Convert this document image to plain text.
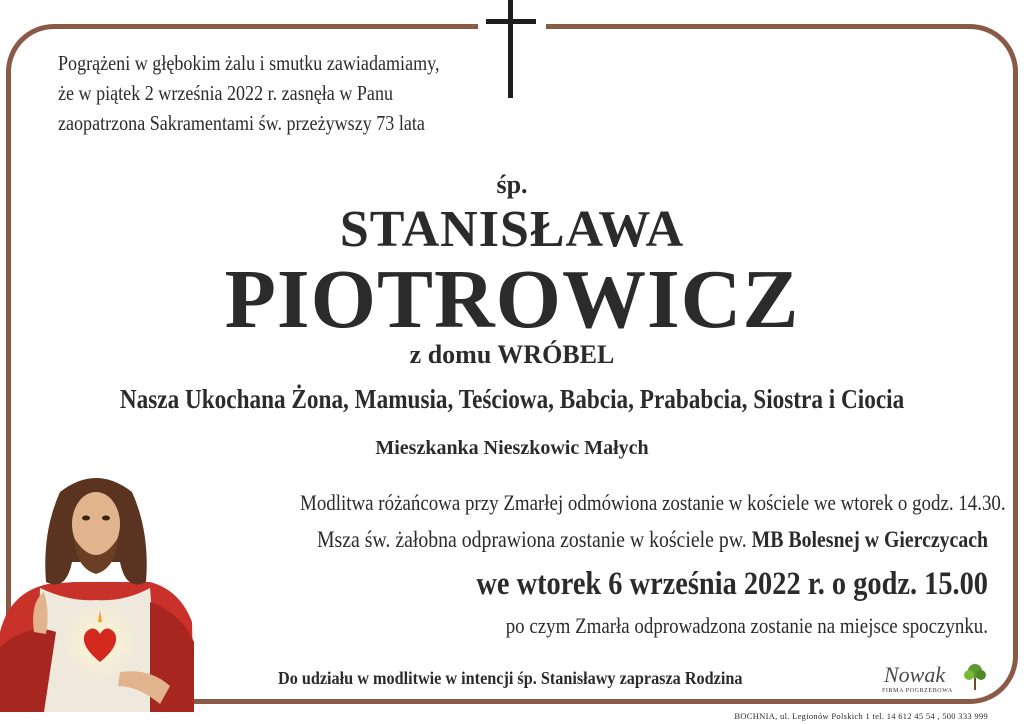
Pogrążeni w głębokim żalu i smutku zawiadamiamy,
że w piątek 2 września 2022 r. zasnęła w Panu
zaopatrzona Sakramentami św. przeżywszy 73 lata
śp.
STANISŁAWA
PIOTROWICZ
z domu WRÓBEL
Nasza Ukochana Żona, Mamusia, Teściowa, Babcia, Prababcia, Siostra i Ciocia
Mieszkanka Nieszkowic Małych
Modlitwa różańcowa przy Zmarłej odmówiona zostanie w kościele we wtorek o godz. 14.30.
Msza św. żałobna odprawiona zostanie w kościele pw. MB Bolesnej w Gierczycach
we wtorek 6 września 2022 r. o godz. 15.00
po czym Zmarła odprowadzona zostanie na miejsce spoczynku.
Do udziału w modlitwie w intencji śp. Stanisławy zaprasza Rodzina	Nowak
FIRMA POGRZEBOWA
BOCHNIA, ul. Legionów Polskich 1 tel. 14 612 45 54 , 500 333 999
